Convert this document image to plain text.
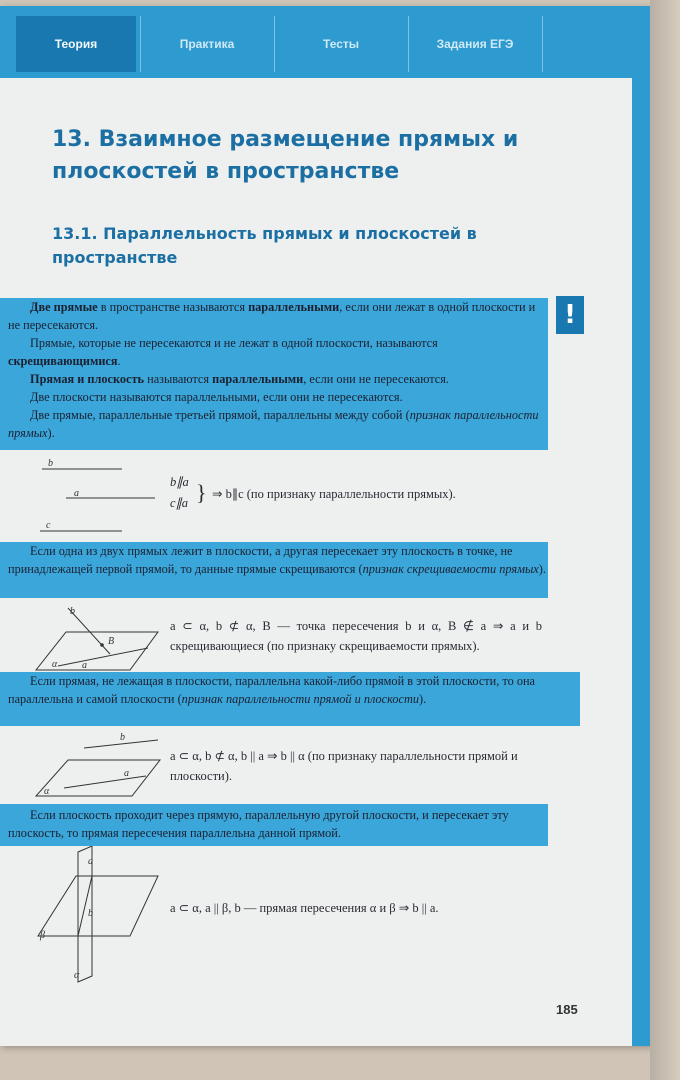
Теория	Практика	Тесты	Задания ЕГЭ
13. Взаимное размещение прямых и плоскостей в пространстве
13.1. Параллельность прямых и плоскостей в пространстве

Две прямые в пространстве называются параллельными, если они лежат в одной плоскости и не пересекаются.

Прямые, которые не пересекаются и не лежат в одной плоскости, называются скрещивающимися.

Прямая и плоскость называются параллельными, если они не пересекаются.

Две плоскости называются параллельными, если они не пересекаются.

Две прямые, параллельные третьей прямой, параллельны между собой (признак параллельности прямых).

!
b
a
c
b∥a
c∥a } ⇒ b∥c (по признаку параллельности прямых).

Если одна из двух прямых лежит в плоскости, а другая пересекает эту плоскость в точке, не принадлежащей первой прямой, то данные прямые скрещиваются (признак скрещиваемости прямых).

b
B
α a
a ⊂ α, b ⊄ α, B — точка пересечения b и α, B ∉ a ⇒ a и b скрещивающиеся (по признаку скрещиваемости прямых).

Если прямая, не лежащая в плоскости, параллельна какой-либо прямой в этой плоскости, то она параллельна и самой плоскости (признак параллельности прямой и плоскости).

b
a
α
a ⊂ α, b ⊄ α, b || a ⇒ b || α (по признаку параллельности прямой и плоскости).

Если плоскость проходит через прямую, параллельную другой плоскости, и пересекает эту плоскость, то прямая пересечения параллельна данной прямой.

a
b
β
α
a ⊂ α, a || β, b — прямая пересечения α и β ⇒ b || a.
185
